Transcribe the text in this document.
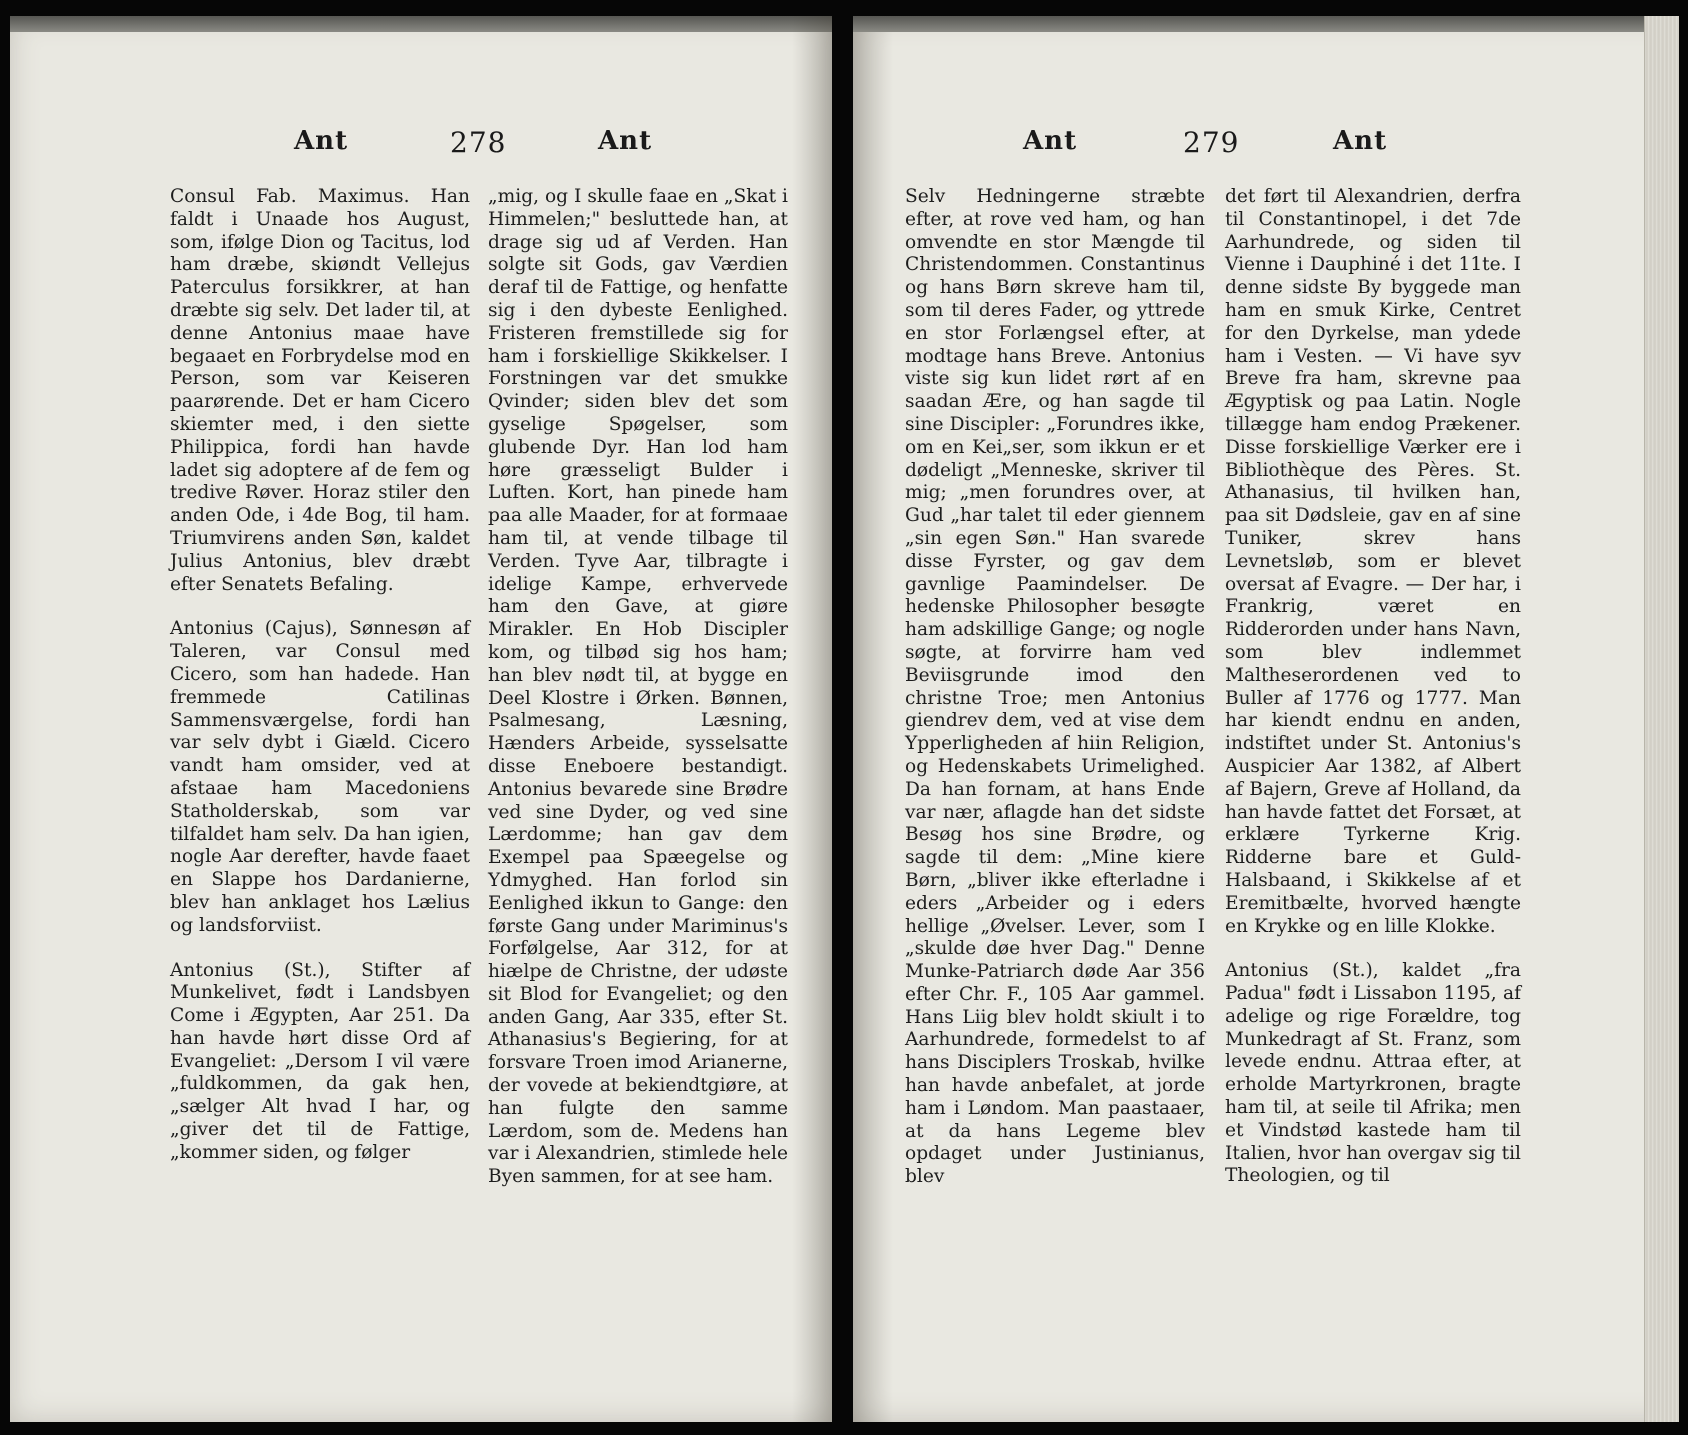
Ant	278	Ant

Consul Fab. Maximus. Han faldt i Unaade hos August, som, ifølge Dion og Tacitus, lod ham dræbe, skiøndt Vellejus Paterculus forsikkrer, at han dræbte sig selv. Det lader til, at denne Antonius maae have begaaet en Forbrydelse mod en Person, som var Keiseren paarørende. Det er ham Cicero skiemter med, i den siette Philippica, fordi han havde ladet sig adoptere af de fem og tredive Røver. Horaz stiler den anden Ode, i 4de Bog, til ham. Triumvirens anden Søn, kaldet Julius Antonius, blev dræbt efter Senatets Befaling.

Antonius (Cajus), Sønnesøn af Taleren, var Consul med Cicero, som han hadede. Han fremmede Catilinas Sammensværgelse, fordi han var selv dybt i Giæld. Cicero vandt ham omsider, ved at afstaae ham Macedoniens Statholderskab, som var tilfaldet ham selv. Da han igien, nogle Aar derefter, havde faaet en Slappe hos Dardanierne, blev han anklaget hos Lælius og landsforviist.

Antonius (St.), Stifter af Munkelivet, født i Landsbyen Come i Ægypten, Aar 251. Da han havde hørt disse Ord af Evangeliet: „Dersom I vil være „fuldkommen, da gak hen, „sælger Alt hvad I har, og „giver det til de Fattige, „kommer siden, og følger

„mig, og I skulle faae en „Skat i Himmelen;" besluttede han, at drage sig ud af Verden. Han solgte sit Gods, gav Værdien deraf til de Fattige, og henfatte sig i den dybeste Eenlighed. Fristeren fremstillede sig for ham i forskiellige Skikkelser. I Forstningen var det smukke Qvinder; siden blev det som gyselige Spøgelser, som glubende Dyr. Han lod ham høre græsseligt Bulder i Luften. Kort, han pinede ham paa alle Maader, for at formaae ham til, at vende tilbage til Verden. Tyve Aar, tilbragte i idelige Kampe, erhvervede ham den Gave, at giøre Mirakler. En Hob Discipler kom, og tilbød sig hos ham; han blev nødt til, at bygge en Deel Klostre i Ørken. Bønnen, Psalmesang, Læsning, Hænders Arbeide, sysselsatte disse Eneboere bestandigt. Antonius bevarede sine Brødre ved sine Dyder, og ved sine Lærdomme; han gav dem Exempel paa Spæegelse og Ydmyghed. Han forlod sin Eenlighed ikkun to Gange: den første Gang under Mariminus's Forfølgelse, Aar 312, for at hiælpe de Christne, der udøste sit Blod for Evangeliet; og den anden Gang, Aar 335, efter St. Athanasius's Begiering, for at forsvare Troen imod Arianerne, der vovede at bekiendtgiøre, at han fulgte den samme Lærdom, som de. Medens han var i Alexandrien, stimlede hele Byen sammen, for at see ham.

Ant	279	Ant

Selv Hedningerne stræbte efter, at rove ved ham, og han omvendte en stor Mængde til Christendommen. Constantinus og hans Børn skreve ham til, som til deres Fader, og yttrede en stor Forlængsel efter, at modtage hans Breve. Antonius viste sig kun lidet rørt af en saadan Ære, og han sagde til sine Discipler: „Forundres ikke, om en Kei„ser, som ikkun er et dødeligt „Menneske, skriver til mig; „men forundres over, at Gud „har talet til eder giennem „sin egen Søn." Han svarede disse Fyrster, og gav dem gavnlige Paamindelser. De hedenske Philosopher besøgte ham adskillige Gange; og nogle søgte, at forvirre ham ved Beviisgrunde imod den christne Troe; men Antonius giendrev dem, ved at vise dem Ypperligheden af hiin Religion, og Hedenskabets Urimelighed. Da han fornam, at hans Ende var nær, aflagde han det sidste Besøg hos sine Brødre, og sagde til dem: „Mine kiere Børn, „bliver ikke efterladne i eders „Arbeider og i eders hellige „Øvelser. Lever, som I „skulde døe hver Dag." Denne Munke-Patriarch døde Aar 356 efter Chr. F., 105 Aar gammel. Hans Liig blev holdt skiult i to Aarhundrede, formedelst to af hans Disciplers Troskab, hvilke han havde anbefalet, at jorde ham i Løndom. Man paastaaer, at da hans Legeme blev opdaget under Justinianus, blev

det ført til Alexandrien, derfra til Constantinopel, i det 7de Aarhundrede, og siden til Vienne i Dauphiné i det 11te. I denne sidste By byggede man ham en smuk Kirke, Centret for den Dyrkelse, man ydede ham i Vesten. — Vi have syv Breve fra ham, skrevne paa Ægyptisk og paa Latin. Nogle tillægge ham endog Prækener. Disse forskiellige Værker ere i Bibliothèque des Pères. St. Athanasius, til hvilken han, paa sit Dødsleie, gav en af sine Tuniker, skrev hans Levnetsløb, som er blevet oversat af Evagre. — Der har, i Frankrig, været en Ridderorden under hans Navn, som blev indlemmet Maltheserordenen ved to Buller af 1776 og 1777. Man har kiendt endnu en anden, indstiftet under St. Antonius's Auspicier Aar 1382, af Albert af Bajern, Greve af Holland, da han havde fattet det Forsæt, at erklære Tyrkerne Krig. Ridderne bare et Guld-Halsbaand, i Skikkelse af et Eremitbælte, hvorved hængte en Krykke og en lille Klokke.

Antonius (St.), kaldet „fra Padua" født i Lissabon 1195, af adelige og rige Forældre, tog Munkedragt af St. Franz, som levede endnu. Attraa efter, at erholde Martyrkronen, bragte ham til, at seile til Afrika; men et Vindstød kastede ham til Italien, hvor han overgav sig til Theologien, og til
